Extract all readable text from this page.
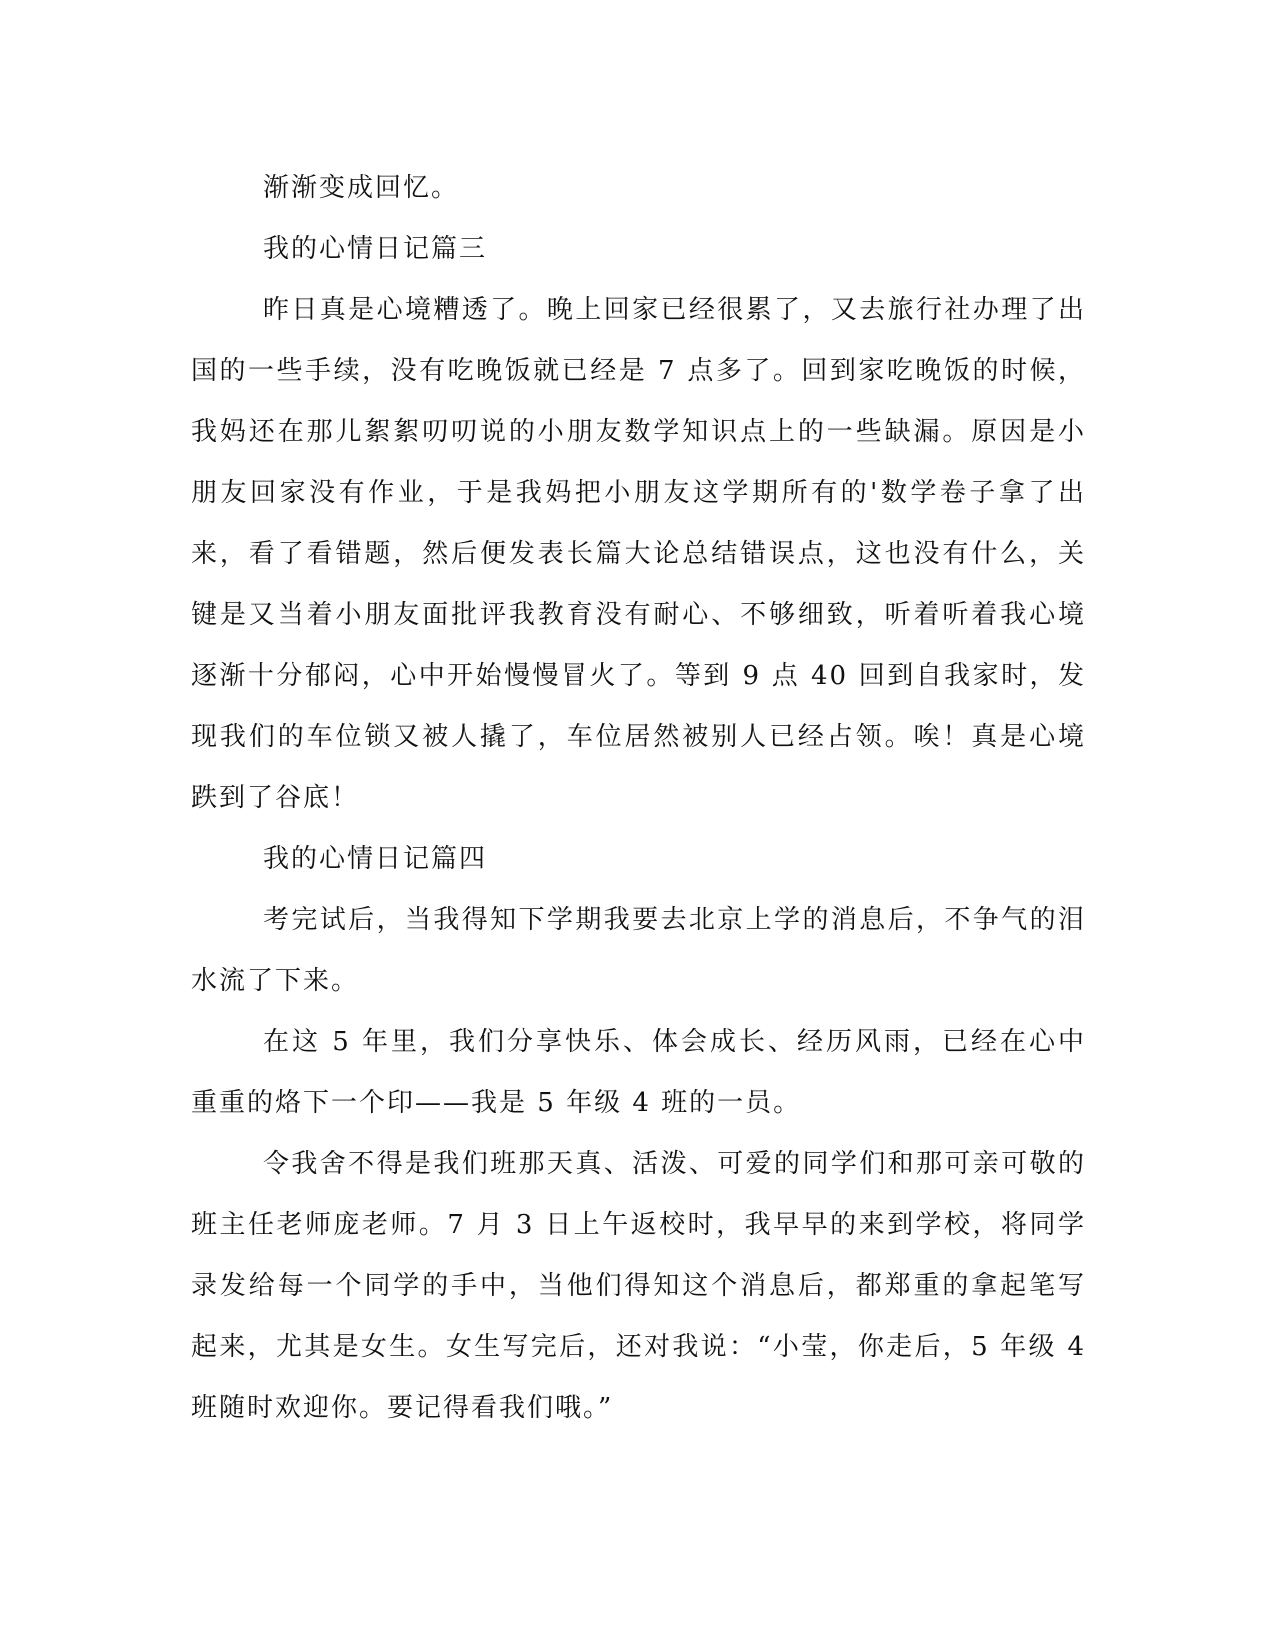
渐渐变成回忆。

我的心情日记篇三

昨日真是心境糟透了。晚上回家已经很累了，又去旅行社办理了出国的一些手续，没有吃晚饭就已经是 7 点多了。回到家吃晚饭的时候，我妈还在那儿絮絮叨叨说的小朋友数学知识点上的一些缺漏。原因是小朋友回家没有作业，于是我妈把小朋友这学期所有的'数学卷子拿了出来，看了看错题，然后便发表长篇大论总结错误点，这也没有什么，关键是又当着小朋友面批评我教育没有耐心、不够细致，听着听着我心境逐渐十分郁闷，心中开始慢慢冒火了。等到 9 点 40 回到自我家时，发现我们的车位锁又被人撬了，车位居然被别人已经占领。唉！真是心境跌到了谷底！

我的心情日记篇四

考完试后，当我得知下学期我要去北京上学的消息后，不争气的泪水流了下来。

在这 5 年里，我们分享快乐、体会成长、经历风雨，已经在心中重重的烙下一个印——我是 5 年级 4 班的一员。

令我舍不得是我们班那天真、活泼、可爱的同学们和那可亲可敬的班主任老师庞老师。7 月 3 日上午返校时，我早早的来到学校，将同学录发给每一个同学的手中，当他们得知这个消息后，都郑重的拿起笔写起来，尤其是女生。女生写完后，还对我说：“小莹，你走后，5 年级 4 班随时欢迎你。要记得看我们哦。”
